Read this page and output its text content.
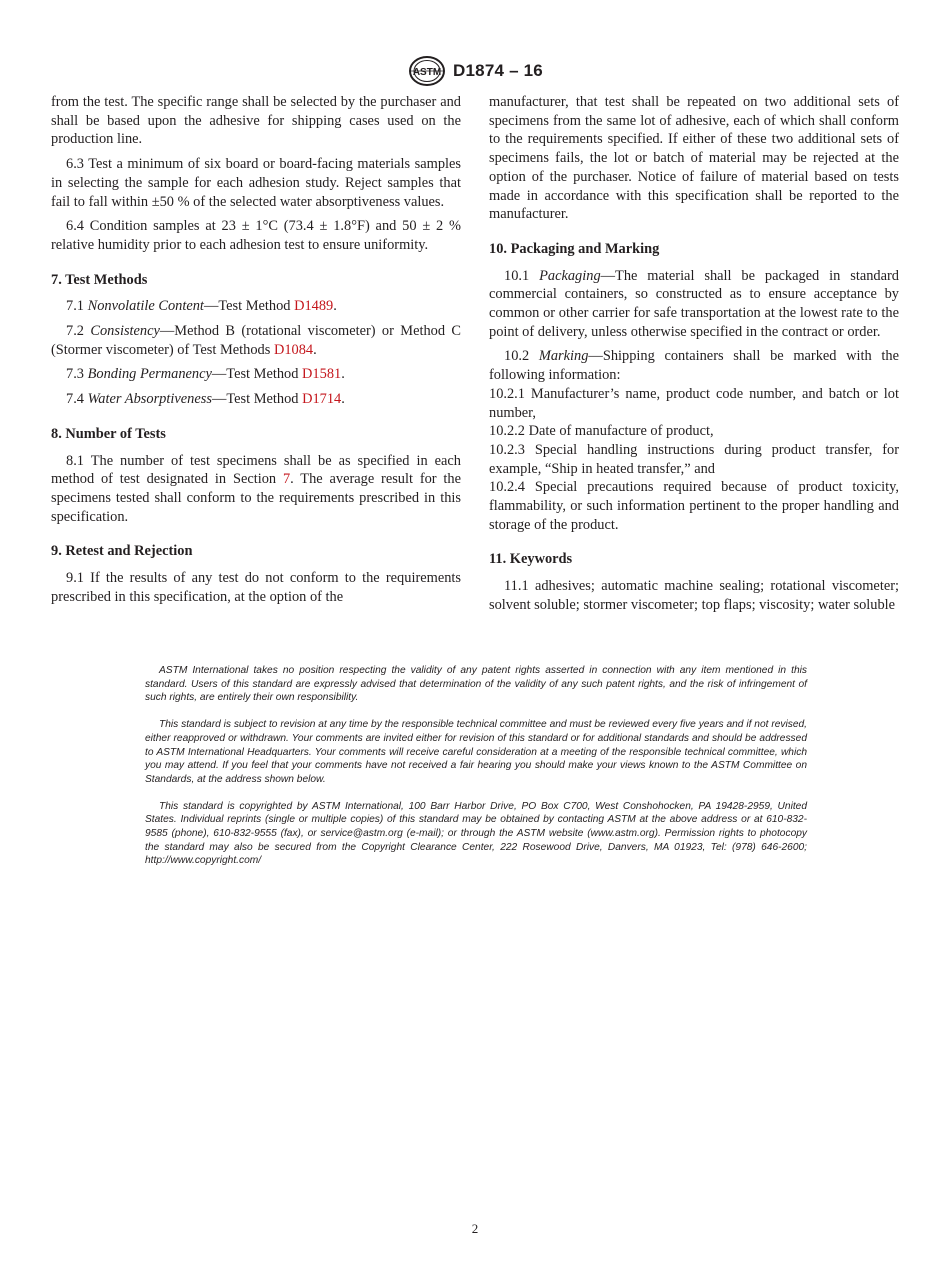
ASTM D1874 – 16

from the test. The specific range shall be selected by the purchaser and shall be based upon the adhesive for shipping cases used on the production line.

6.3 Test a minimum of six board or board-facing materials samples in selecting the sample for each adhesion study. Reject samples that fail to fall within ±50 % of the selected water absorptiveness values.

6.4 Condition samples at 23 ± 1°C (73.4 ± 1.8°F) and 50 ± 2 % relative humidity prior to each adhesion test to ensure uniformity.

7. Test Methods

7.1 Nonvolatile Content—Test Method D1489.

7.2 Consistency—Method B (rotational viscometer) or Method C (Stormer viscometer) of Test Methods D1084.

7.3 Bonding Permanency—Test Method D1581.

7.4 Water Absorptiveness—Test Method D1714.

8. Number of Tests

8.1 The number of test specimens shall be as specified in each method of test designated in Section 7. The average result for the specimens tested shall conform to the requirements prescribed in this specification.

9. Retest and Rejection

9.1 If the results of any test do not conform to the requirements prescribed in this specification, at the option of the

manufacturer, that test shall be repeated on two additional sets of specimens from the same lot of adhesive, each of which shall conform to the requirements specified. If either of these two additional sets of specimens fails, the lot or batch of material may be rejected at the option of the purchaser. Notice of failure of material based on tests made in accordance with this specification shall be reported to the manufacturer.

10. Packaging and Marking

10.1 Packaging—The material shall be packaged in standard commercial containers, so constructed as to ensure acceptance by common or other carrier for safe transportation at the lowest rate to the point of delivery, unless otherwise specified in the contract or order.

10.2 Marking—Shipping containers shall be marked with the following information:

10.2.1 Manufacturer’s name, product code number, and batch or lot number,

10.2.2 Date of manufacture of product,

10.2.3 Special handling instructions during product transfer, for example, “Ship in heated transfer,” and

10.2.4 Special precautions required because of product toxicity, flammability, or such information pertinent to the proper handling and storage of the product.

11. Keywords

11.1 adhesives; automatic machine sealing; rotational viscometer; solvent soluble; stormer viscometer; top flaps; viscosity; water soluble

ASTM International takes no position respecting the validity of any patent rights asserted in connection with any item mentioned in this standard. Users of this standard are expressly advised that determination of the validity of any such patent rights, and the risk of infringement of such rights, are entirely their own responsibility.

This standard is subject to revision at any time by the responsible technical committee and must be reviewed every five years and if not revised, either reapproved or withdrawn. Your comments are invited either for revision of this standard or for additional standards and should be addressed to ASTM International Headquarters. Your comments will receive careful consideration at a meeting of the responsible technical committee, which you may attend. If you feel that your comments have not received a fair hearing you should make your views known to the ASTM Committee on Standards, at the address shown below.

This standard is copyrighted by ASTM International, 100 Barr Harbor Drive, PO Box C700, West Conshohocken, PA 19428-2959, United States. Individual reprints (single or multiple copies) of this standard may be obtained by contacting ASTM at the above address or at 610-832-9585 (phone), 610-832-9555 (fax), or service@astm.org (e-mail); or through the ASTM website (www.astm.org). Permission rights to photocopy the standard may also be secured from the Copyright Clearance Center, 222 Rosewood Drive, Danvers, MA 01923, Tel: (978) 646-2600; http://www.copyright.com/

2
